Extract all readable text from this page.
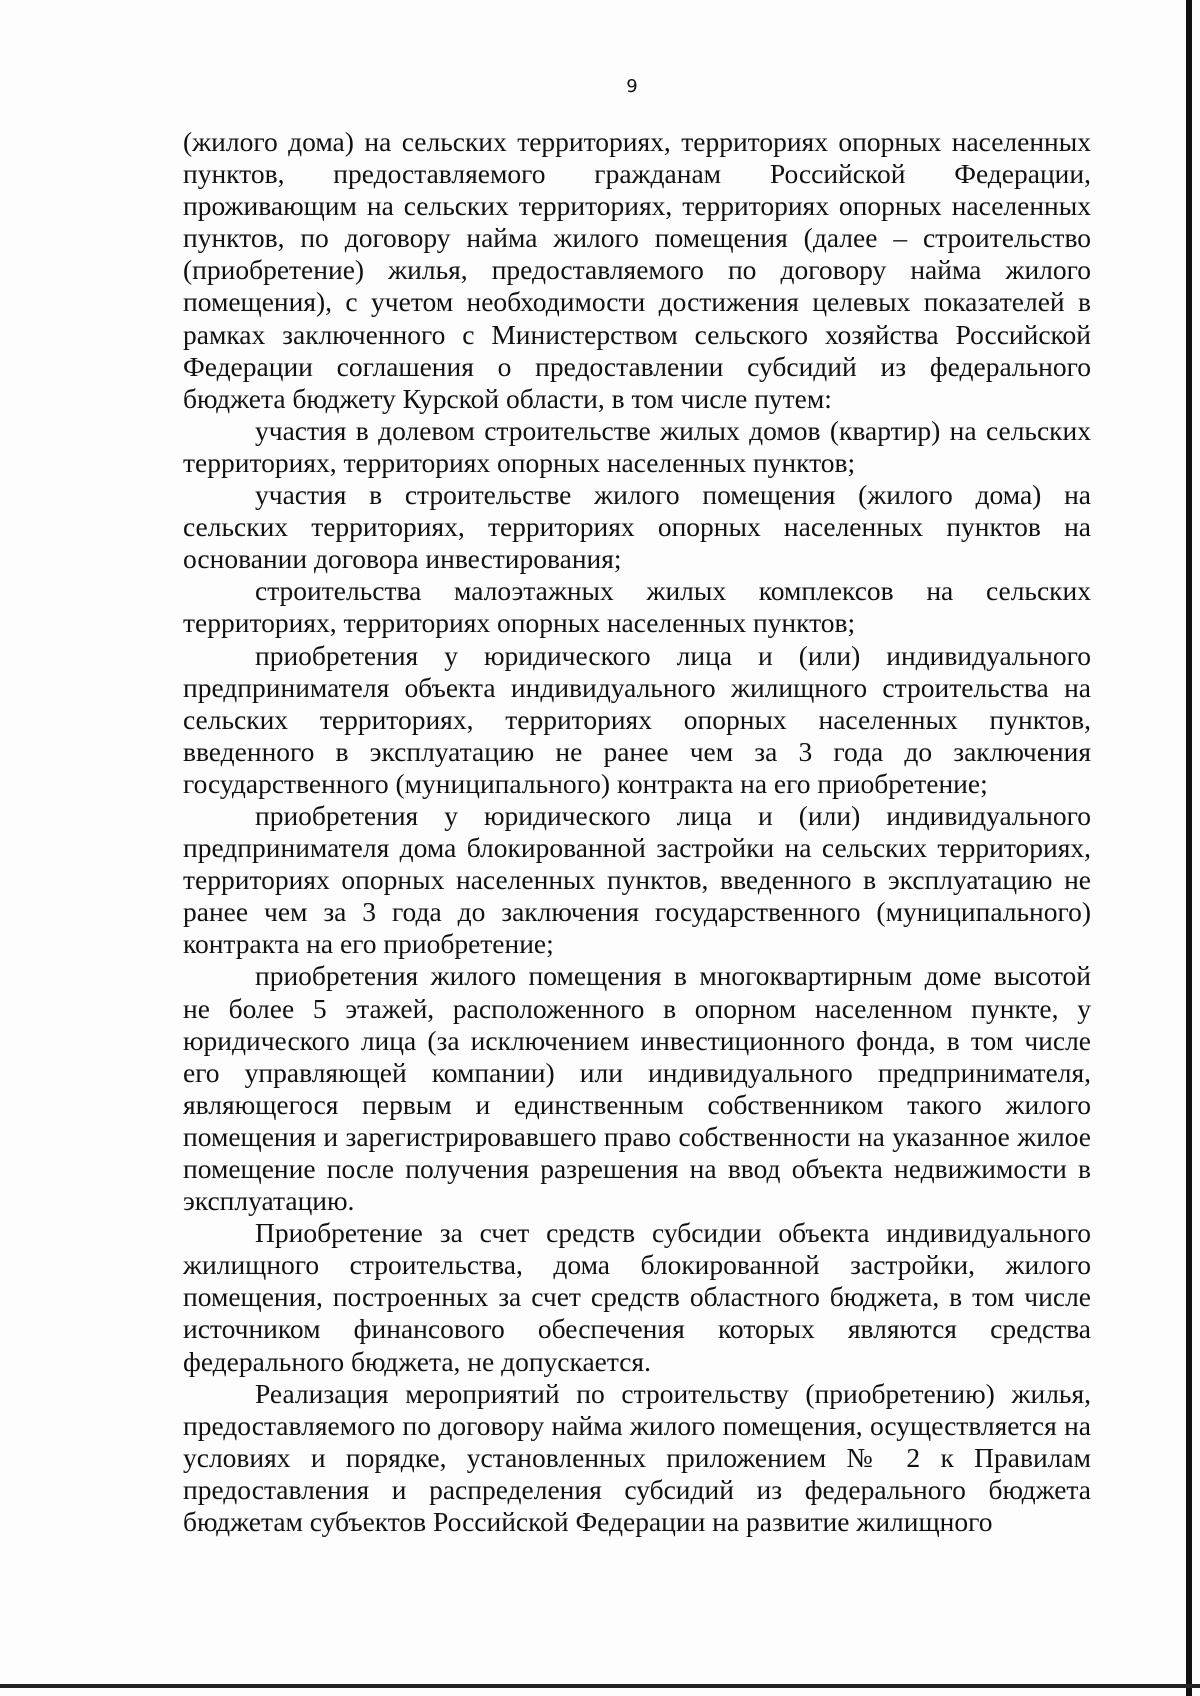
9

(жилого дома) на сельских территориях, территориях опорных населенных пунктов, предоставляемого гражданам Российской Федерации, проживающим на сельских территориях, территориях опорных населенных пунктов, по договору найма жилого помещения (далее – строительство (приобретение) жилья, предоставляемого по договору найма жилого помещения), с учетом необходимости достижения целевых показателей в рамках заключенного с Министерством сельского хозяйства Российской Федерации соглашения о предоставлении субсидий из федерального бюджета бюджету Курской области, в том числе путем:

участия в долевом строительстве жилых домов (квартир) на сельских территориях, территориях опорных населенных пунктов;

участия в строительстве жилого помещения (жилого дома) на сельских территориях, территориях опорных населенных пунктов на основании договора инвестирования;

строительства малоэтажных жилых комплексов на сельских территориях, территориях опорных населенных пунктов;

приобретения у юридического лица и (или) индивидуального предпринимателя объекта индивидуального жилищного строительства на сельских территориях, территориях опорных населенных пунктов, введенного в эксплуатацию не ранее чем за 3 года до заключения государственного (муниципального) контракта на его приобретение;

приобретения у юридического лица и (или) индивидуального предпринимателя дома блокированной застройки на сельских территориях, территориях опорных населенных пунктов, введенного в эксплуатацию не ранее чем за 3 года до заключения государственного (муниципального) контракта на его приобретение;

приобретения жилого помещения в многоквартирным доме высотой не более 5 этажей, расположенного в опорном населенном пункте, у юридического лица (за исключением инвестиционного фонда, в том числе его управляющей компании) или индивидуального предпринимателя, являющегося первым и единственным собственником такого жилого помещения и зарегистрировавшего право собственности на указанное жилое помещение после получения разрешения на ввод объекта недвижимости в эксплуатацию.

Приобретение за счет средств субсидии объекта индивидуального жилищного строительства, дома блокированной застройки, жилого помещения, построенных за счет средств областного бюджета, в том числе источником финансового обеспечения которых являются средства федерального бюджета, не допускается.

Реализация мероприятий по строительству (приобретению) жилья, предоставляемого по договору найма жилого помещения, осуществляется на условиях и порядке, установленных приложением № 2 к Правилам предоставления и распределения субсидий из федерального бюджета бюджетам субъектов Российской Федерации на развитие жилищного
